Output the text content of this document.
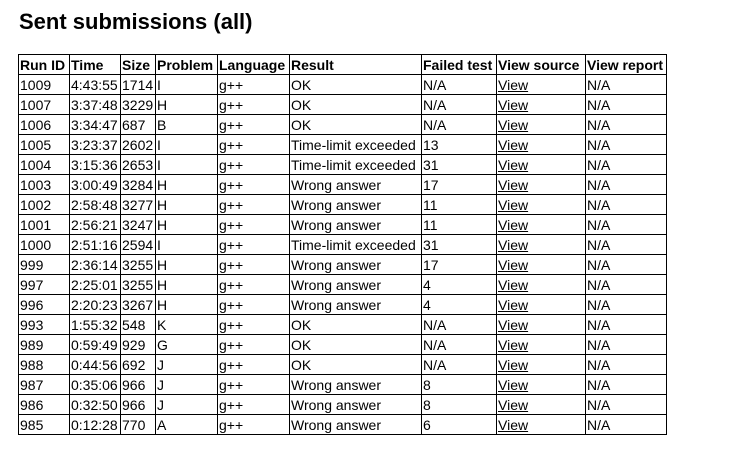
Sent submissions (all)
Run ID	Time	Size	Problem	Language	Result	Failed test	View source	View report
1009	4:43:55	1714	I	g++	OK	N/A	View	N/A
1007	3:37:48	3229	H	g++	OK	N/A	View	N/A
1006	3:34:47	687	B	g++	OK	N/A	View	N/A
1005	3:23:37	2602	I	g++	Time-limit exceeded	13	View	N/A
1004	3:15:36	2653	I	g++	Time-limit exceeded	31	View	N/A
1003	3:00:49	3284	H	g++	Wrong answer	17	View	N/A
1002	2:58:48	3277	H	g++	Wrong answer	11	View	N/A
1001	2:56:21	3247	H	g++	Wrong answer	11	View	N/A
1000	2:51:16	2594	I	g++	Time-limit exceeded	31	View	N/A
999	2:36:14	3255	H	g++	Wrong answer	17	View	N/A
997	2:25:01	3255	H	g++	Wrong answer	4	View	N/A
996	2:20:23	3267	H	g++	Wrong answer	4	View	N/A
993	1:55:32	548	K	g++	OK	N/A	View	N/A
989	0:59:49	929	G	g++	OK	N/A	View	N/A
988	0:44:56	692	J	g++	OK	N/A	View	N/A
987	0:35:06	966	J	g++	Wrong answer	8	View	N/A
986	0:32:50	966	J	g++	Wrong answer	8	View	N/A
985	0:12:28	770	A	g++	Wrong answer	6	View	N/A
